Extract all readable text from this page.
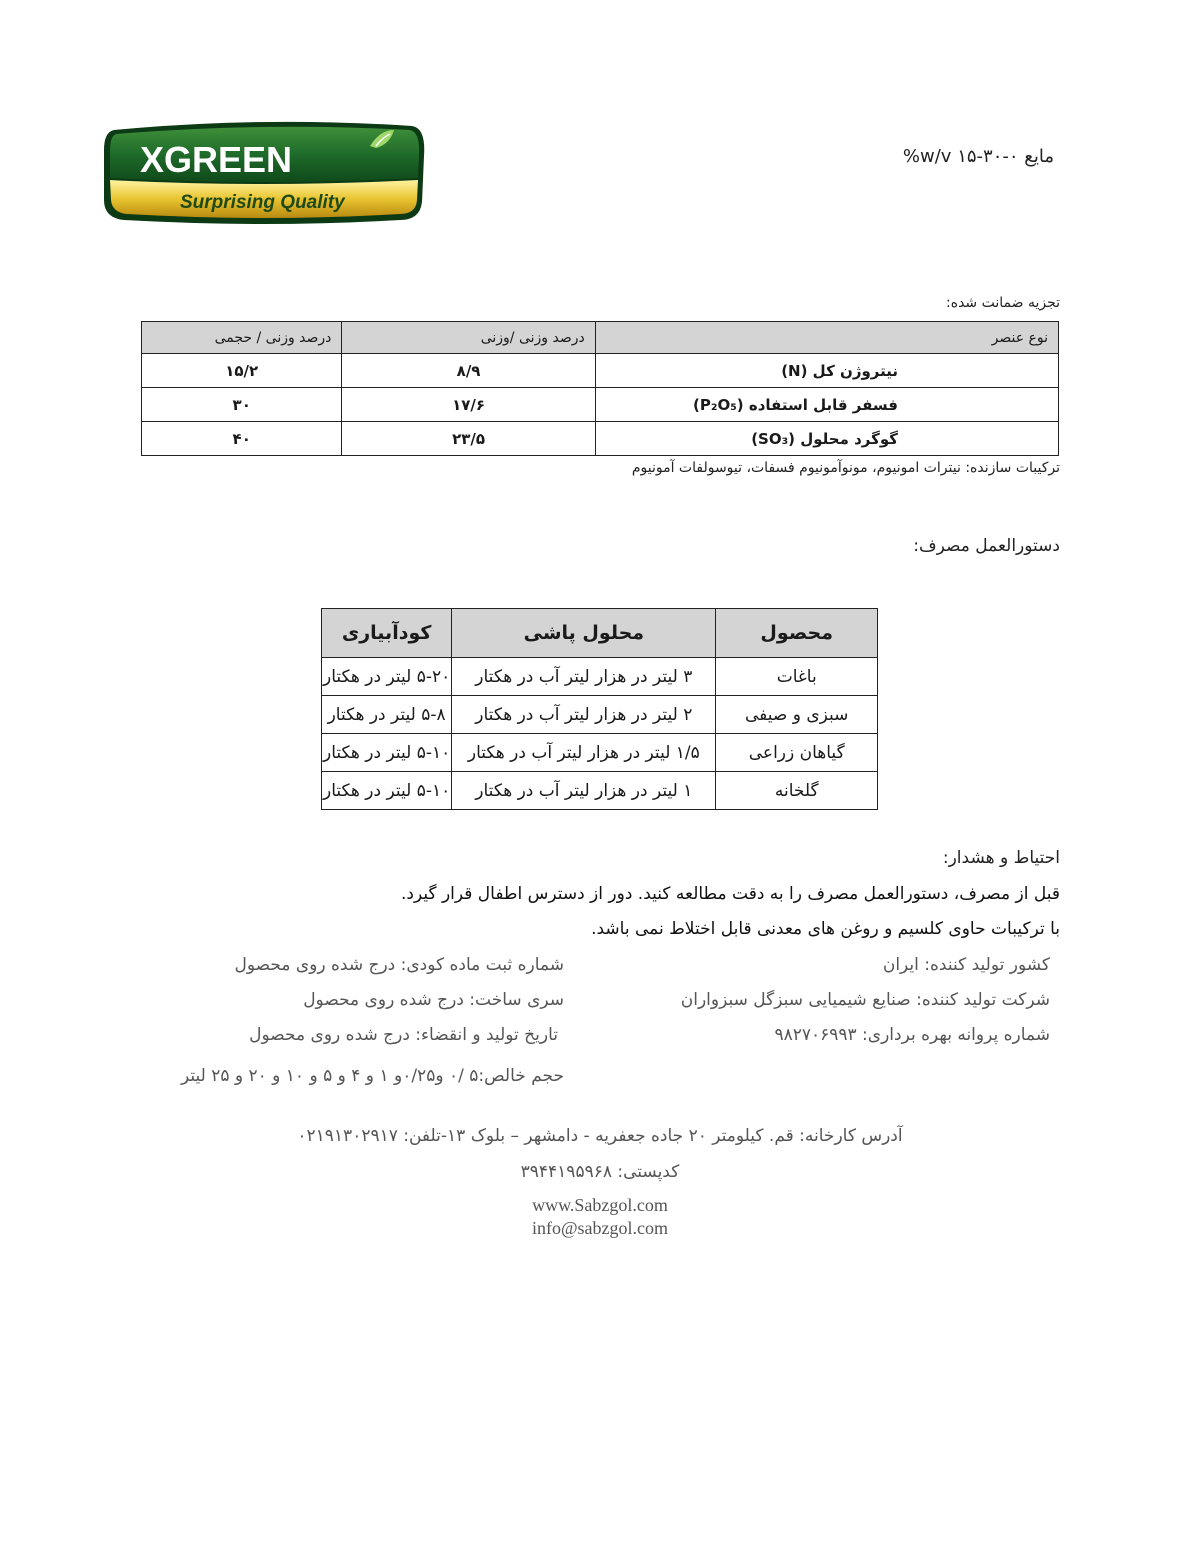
XGREEN
Surprising Quality
مایع ۰-۳۰-۱۵ w/v%
تجزیه ضمانت شده:
نوع عنصر	درصد وزنی /وزنی	درصد وزنی / حجمی
نیتروژن کل (N)	۸/۹	۱۵/۲
فسفر قابل استفاده (P₂O₅)	۱۷/۶	۳۰
گوگرد محلول (SO₃)	۲۳/۵	۴۰
ترکیبات سازنده: نیترات امونیوم، مونوآمونیوم فسفات، تیوسولفات آمونیوم
دستورالعمل مصرف:
محصول	محلول پاشی	کودآبیاری
باغات	۳ لیتر در هزار لیتر آب در هکتار	۵-۲۰ لیتر در هکتار
سبزی و صیفی	۲ لیتر در هزار لیتر آب در هکتار	۵-۸ لیتر در هکتار
گیاهان زراعی	۱/۵ لیتر در هزار لیتر آب در هکتار	۵-۱۰ لیتر در هکتار
گلخانه	۱ لیتر در هزار لیتر آب در هکتار	۵-۱۰ لیتر در هکتار
احتیاط و هشدار:
قبل از مصرف، دستورالعمل مصرف را به دقت مطالعه کنید. دور از دسترس اطفال قرار گیرد.
با ترکیبات حاوی کلسیم و روغن های معدنی قابل اختلاط نمی باشد.
کشور تولید کننده: ایران
شرکت تولید کننده: صنایع شیمیایی سبزگل سبزواران
شماره پروانه بهره برداری: ۹۸۲۷۰۶۹۹۳
شماره ثبت ماده کودی: درج شده روی محصول
سری ساخت: درج شده روی محصول
تاریخ تولید و انقضاء: درج شده روی محصول
حجم خالص:۵ /۰ و۰/۲۵و ۱ و ۴ و ۵ و ۱۰ و ۲۰ و ۲۵ لیتر
آدرس کارخانه: قم. کیلومتر ۲۰ جاده جعفریه - دامشهر – بلوک ۱۳-تلفن: ۰۲۱۹۱۳۰۲۹۱۷
کدپستی: ۳۹۴۴۱۹۵۹۶۸
www.Sabzgol.com
info@sabzgol.com
